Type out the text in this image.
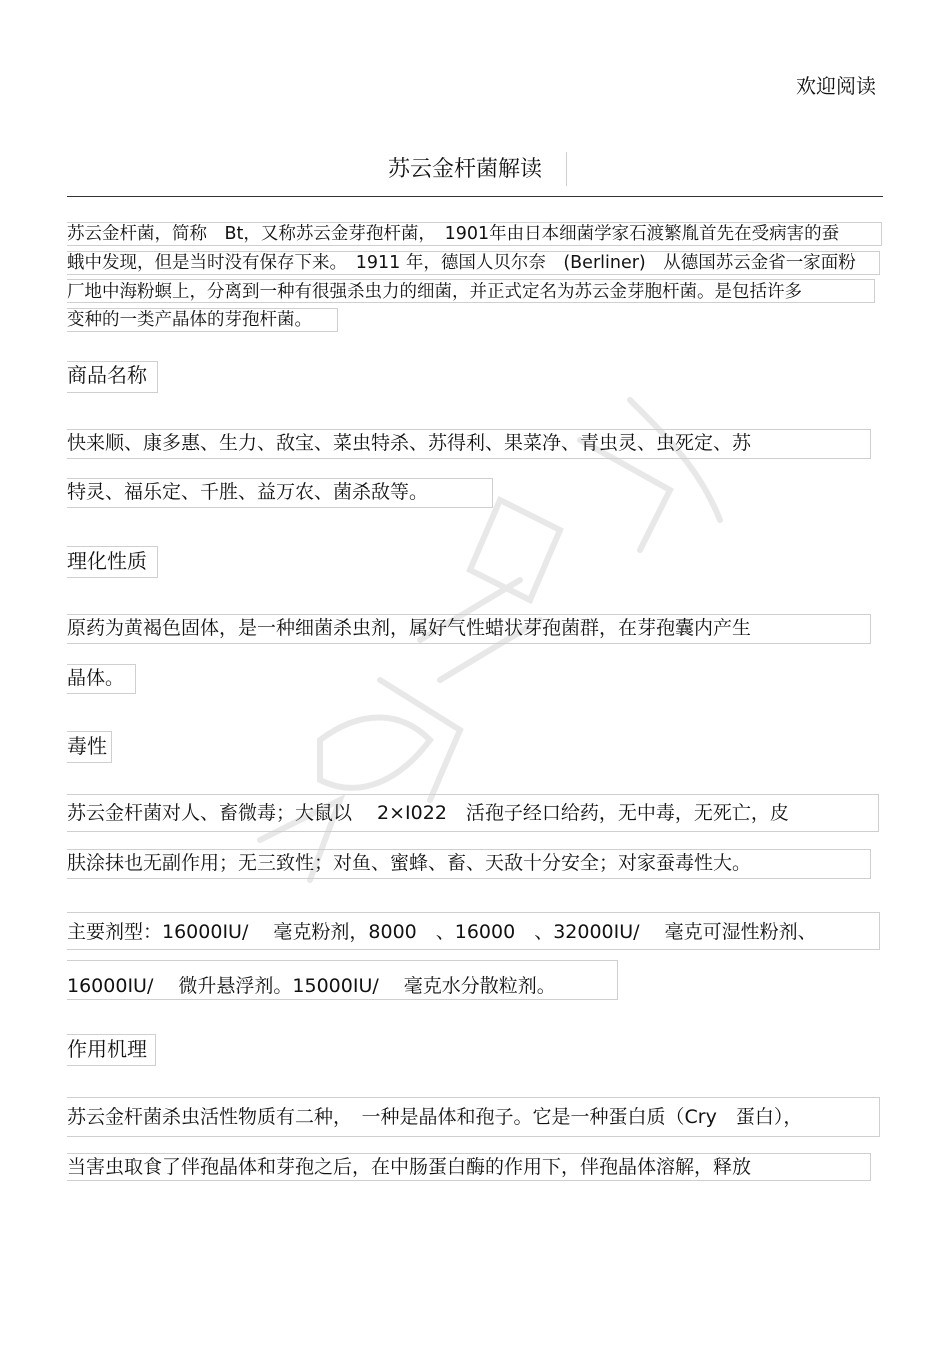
欢迎阅读
苏云金杆菌解读
苏云金杆菌，简称　Bt，又称苏云金芽孢杆菌，　1901年由日本细菌学家石渡繁胤首先在受病害的蚕
蛾中发现，但是当时没有保存下来。　1911 年，德国人贝尔奈　(Berliner)　从德国苏云金省一家面粉
厂地中海粉螟上，分离到一种有很强杀虫力的细菌，并正式定名为苏云金芽胞杆菌。是包括许多
变种的一类产晶体的芽孢杆菌。
商品名称
快来顺、康多惠、生力、敌宝、菜虫特杀、苏得利、果菜净、青虫灵、虫死定、苏
特灵、福乐定、千胜、益万农、菌杀敌等。
理化性质
原药为黄褐色固体，是一种细菌杀虫剂，属好气性蜡状芽孢菌群，在芽孢囊内产生
晶体。
毒性
苏云金杆菌对人、畜微毒；大鼠以　 2×I022　活孢子经口给药，无中毒，无死亡，皮
肤涂抹也无副作用；无三致性；对鱼、蜜蜂、畜、天敌十分安全；对家蚕毒性大。
主要剂型：16000IU/　 毫克粉剂，8000　、16000　、32000IU/　 毫克可湿性粉剂、
16000IU/　 微升悬浮剂。15000IU/　 毫克水分散粒剂。
作用机理
苏云金杆菌杀虫活性物质有二种，　一种是晶体和孢子。它是一种蛋白质（Cry　蛋白），
当害虫取食了伴孢晶体和芽孢之后，在中肠蛋白酶的作用下，伴孢晶体溶解，释放
